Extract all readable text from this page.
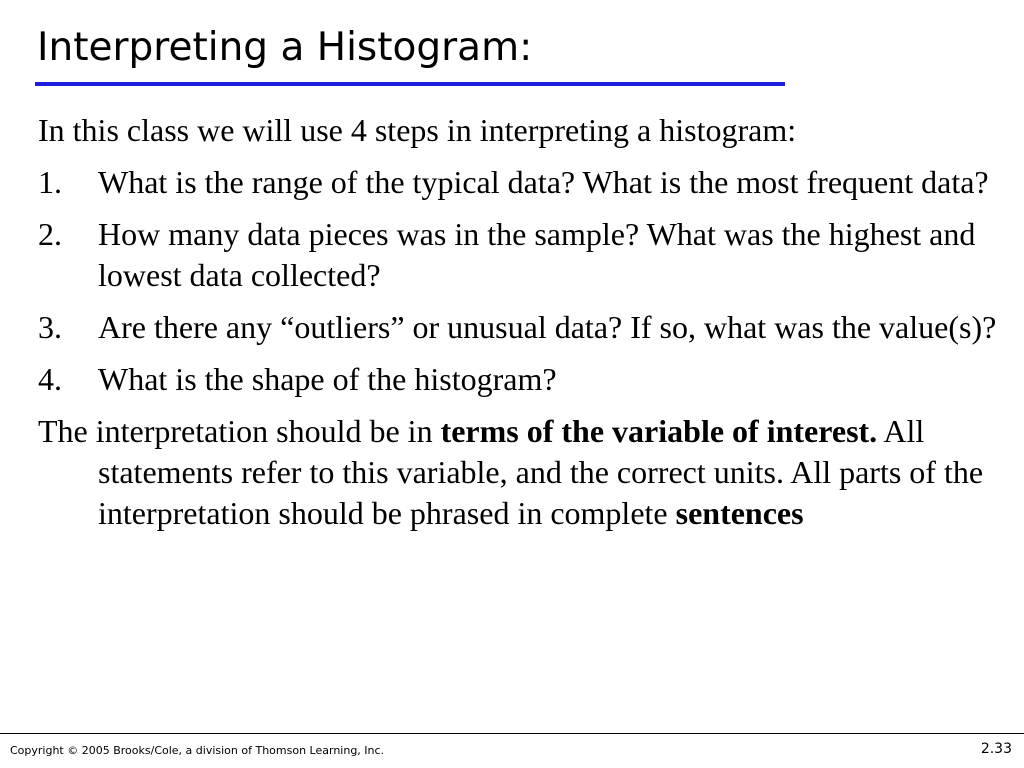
Interpreting a Histogram:

In this class we will use 4 steps in interpreting a histogram:

1. What is the range of the typical data? What is the most frequent data?
2. How many data pieces was in the sample? What was the highest and lowest data collected?
3. Are there any “outliers” or unusual data? If so, what was the value(s)?
4. What is the shape of the histogram?

The interpretation should be in terms of the variable of interest. All statements refer to this variable, and the correct units. All parts of the interpretation should be phrased in complete sentences

Copyright © 2005 Brooks/Cole, a division of Thomson Learning, Inc.	2.33
